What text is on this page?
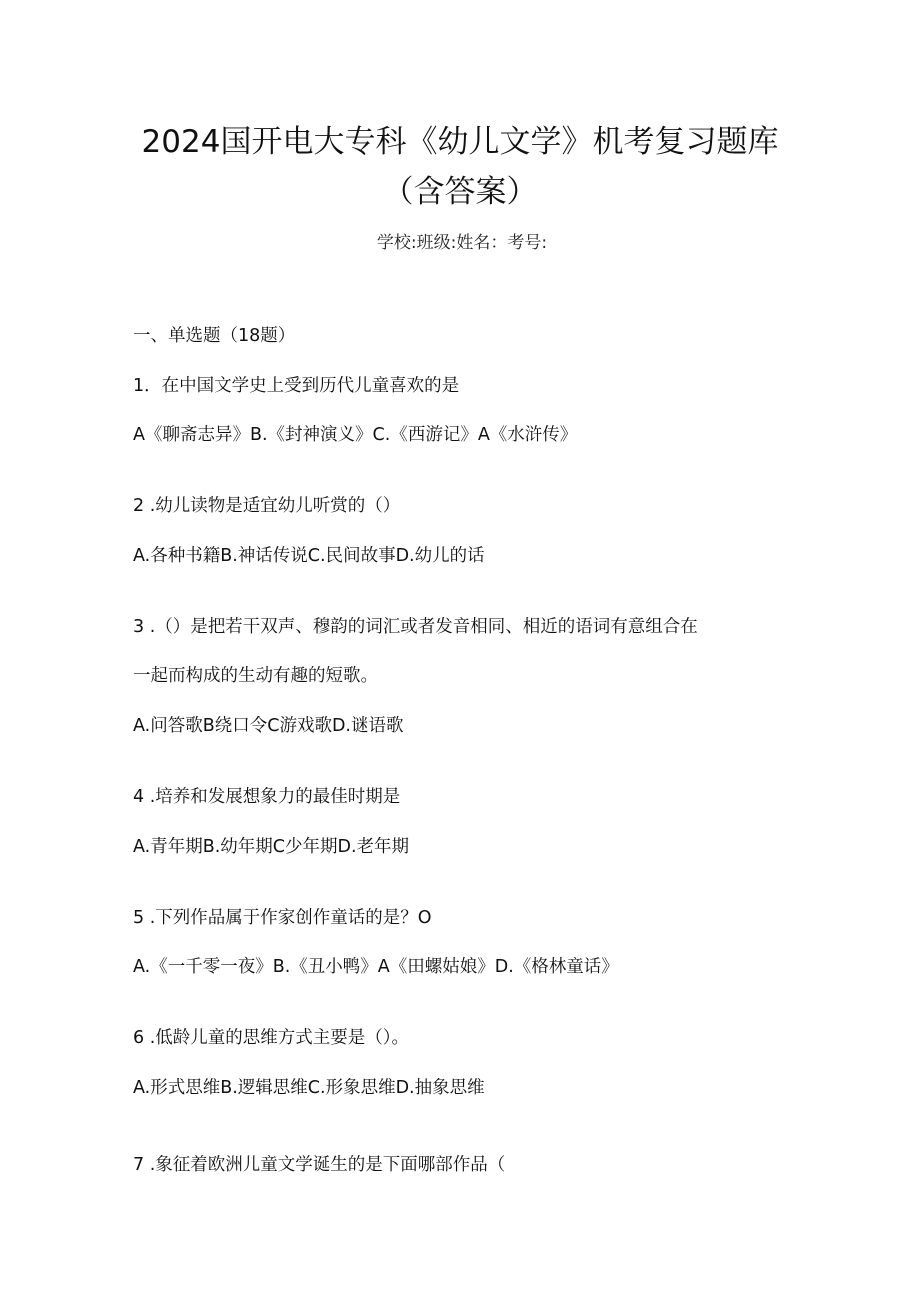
2024国开电大专科《幼儿文学》机考复习题库
（含答案）
学校:班级:姓名：考号:
一、单选题（18题）
1．在中国文学史上受到历代儿童喜欢的是
A《聊斋志异》B.《封神演义》C.《西游记》A《水浒传》
2 .幼儿读物是适宜幼儿听赏的（）
A.各种书籍B.神话传说C.民间故事D.幼儿的话
3 .（）是把若干双声、穆韵的词汇或者发音相同、相近的语词有意组合在
一起而构成的生动有趣的短歌。
A.问答歌B绕口令C游戏歌D.谜语歌
4 .培养和发展想象力的最佳时期是
A.青年期B.幼年期C少年期D.老年期
5 .下列作品属于作家创作童话的是？O
A.《一千零一夜》B.《丑小鸭》A《田螺姑娘》D.《格林童话》
6 .低龄儿童的思维方式主要是（）。
A.形式思维B.逻辑思维C.形象思维D.抽象思维
7 .象征着欧洲儿童文学诞生的是下面哪部作品（
